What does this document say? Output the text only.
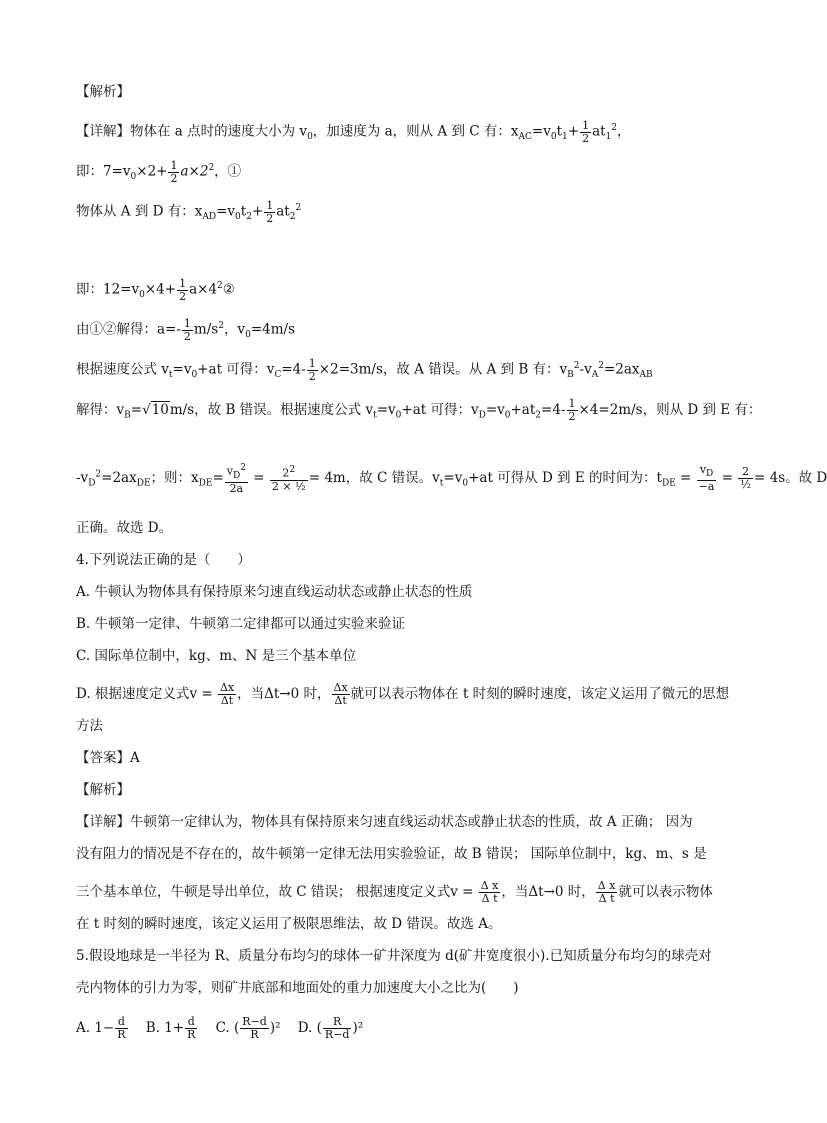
【解析】
【详解】物体在 a 点时的速度大小为 $v_0$，加速度为 a，则从 A 到 C 有：$x_{AC}=v_0t_1+ \frac{1}{2} at_1^2$，
即：$7=v_0\times 2+ \frac{1}{2} a\times 2^2$，①
物体从 A 到 D 有：$x_{AD}=v_0t_2+ \frac{1}{2} at_2^2$
即：$12=v_0\times 4+ \frac{1}{2}$ $a\times 4^2②$
由①②解得：$a=- \frac{1}{2} m/s^2$，$v_0=4m/s$
根据速度公式 $v_t=v_0+at$ 可得：$v_C=4- \frac{1}{2} \times 2=3m/s$，故 A 错误。从 A 到 B 有：$v_B^2-v_A^2=2ax_{AB}$
解得：$v_B=√10m/s$，故 B 错误。根据速度公式 $v_t=v_0+at$ 可得：$v_D=v_0+at_2=4- \frac{1}{2} \times 4=2m/s$，则从 D 到 E 有：
$-v_D^2=2ax_{DE}$；则：$x_{DE}= \frac{v_D^2}{2a} = \frac{2^2}{\text{2 × ½}} = 4m$，故 C 错误。$v_t=v_0+at$ 可得从 D 到 E 的时间为：$t_{DE} = \frac{v_D}{-a} = \frac{2}{\text{½}} = 4s$。故 D
正确。故选 D。
4.下列说法正确的是（　　）
A. 牛顿认为物体具有保持原来匀速直线运动状态或静止状态的性质
B. 牛顿第一定律、牛顿第二定律都可以通过实验来验证
C. 国际单位制中，kg、m、N 是三个基本单位
D. 根据速度定义式$v = \frac{\Delta x}{\Delta t}$ ，当Δt→0 时， $\frac{\Delta x}{\Delta t}$ 就可以表示物体在 t 时刻的瞬时速度，该定义运用了微元的思想
方法
【答案】A
【解析】
【详解】牛顿第一定律认为，物体具有保持原来匀速直线运动状态或静止状态的性质，故 A 正确； 因为
没有阻力的情况是不存在的，故牛顿第一定律无法用实验验证，故 B 错误； 国际单位制中，kg、m、s 是
三个基本单位，牛顿是导出单位，故 C 错误； 根据速度定义式$v = \frac{\text{Δ x}}{\text{Δ t}}$ ，当Δt→0 时， $\frac{\text{Δ x}}{\text{Δ t}}$ 就可以表示物体
在 t 时刻的瞬时速度，该定义运用了极限思维法，故 D 错误。故选 A。
5.假设地球是一半径为 R、质量分布均匀的球体一矿井深度为 d(矿井宽度很小).已知质量分布均匀的球壳对
壳内物体的引力为零，则矿井底部和地面处的重力加速度大小之比为(　　)
A. $1- \frac{d}{R} B$. $1+ \frac{d}{R} C$. ( $\frac{R-d}{R} )^2$ D. ( $\frac{R}{R-d} )^2$
